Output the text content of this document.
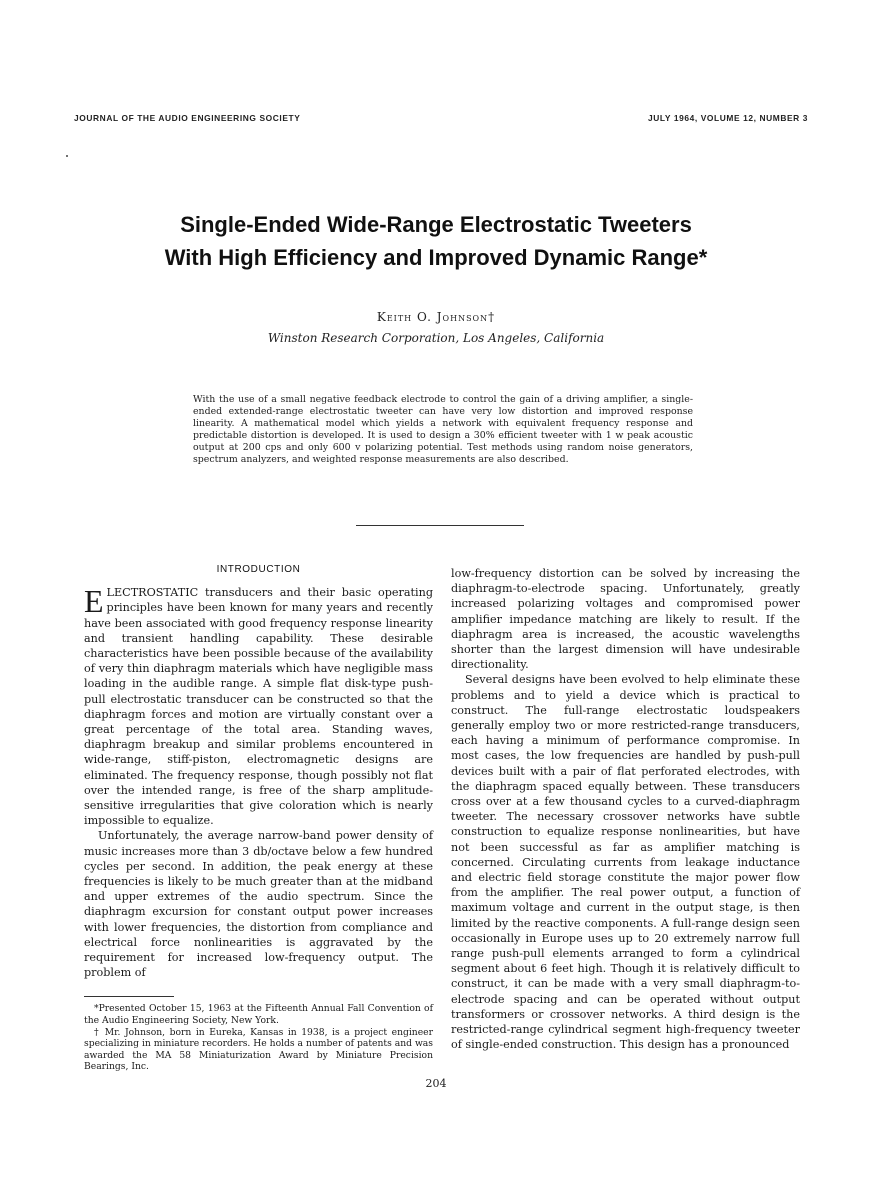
JOURNAL OF THE AUDIO ENGINEERING SOCIETY	JULY 1964, VOLUME 12, NUMBER 3
Single-Ended Wide-Range Electrostatic Tweeters
With High Efficiency and Improved Dynamic Range*
Keith O. Johnson†
Winston Research Corporation, Los Angeles, California
With the use of a small negative feedback electrode to control the gain of a driving amplifier, a single-ended extended-range electrostatic tweeter can have very low distortion and improved response linearity. A mathematical model which yields a network with equivalent frequency response and predictable distortion is developed. It is used to design a 30% efficient tweeter with 1 w peak acoustic output at 200 cps and only 600 v polarizing potential. Test methods using random noise generators, spectrum analyzers, and weighted response measurements are also described.
INTRODUCTION

ELECTROSTATIC transducers and their basic operating principles have been known for many years and recently have been associated with good frequency response linearity and transient handling capability. These desirable characteristics have been possible because of the availability of very thin diaphragm materials which have negligible mass loading in the audible range. A simple flat disk-type push-pull electrostatic transducer can be constructed so that the diaphragm forces and motion are virtually constant over a great percentage of the total area. Standing waves, diaphragm breakup and similar problems encountered in wide-range, stiff-piston, electromagnetic designs are eliminated. The frequency response, though possibly not flat over the intended range, is free of the sharp amplitude-sensitive irregularities that give coloration which is nearly impossible to equalize.

Unfortunately, the average narrow-band power density of music increases more than 3 db/octave below a few hundred cycles per second. In addition, the peak energy at these frequencies is likely to be much greater than at the midband and upper extremes of the audio spectrum. Since the diaphragm excursion for constant output power increases with lower frequencies, the distortion from compliance and electrical force nonlinearities is aggravated by the requirement for increased low-frequency output. The problem of

*Presented October 15, 1963 at the Fifteenth Annual Fall Convention of the Audio Engineering Society, New York.

† Mr. Johnson, born in Eureka, Kansas in 1938, is a project engineer specializing in miniature recorders. He holds a number of patents and was awarded the MA 58 Miniaturization Award by Miniature Precision Bearings, Inc.

low-frequency distortion can be solved by increasing the diaphragm-to-electrode spacing. Unfortunately, greatly increased polarizing voltages and compromised power amplifier impedance matching are likely to result. If the diaphragm area is increased, the acoustic wavelengths shorter than the largest dimension will have undesirable directionality.

Several designs have been evolved to help eliminate these problems and to yield a device which is practical to construct. The full-range electrostatic loudspeakers generally employ two or more restricted-range transducers, each having a minimum of performance compromise. In most cases, the low frequencies are handled by push-pull devices built with a pair of flat perforated electrodes, with the diaphragm spaced equally between. These transducers cross over at a few thousand cycles to a curved-diaphragm tweeter. The necessary crossover networks have subtle construction to equalize response nonlinearities, but have not been successful as far as amplifier matching is concerned. Circulating currents from leakage inductance and electric field storage constitute the major power flow from the amplifier. The real power output, a function of maximum voltage and current in the output stage, is then limited by the reactive components. A full-range design seen occasionally in Europe uses up to 20 extremely narrow full range push-pull elements arranged to form a cylindrical segment about 6 feet high. Though it is relatively difficult to construct, it can be made with a very small diaphragm-to-electrode spacing and can be operated without output transformers or crossover networks. A third design is the restricted-range cylindrical segment high-frequency tweeter of single-ended construction. This design has a pronounced

204
